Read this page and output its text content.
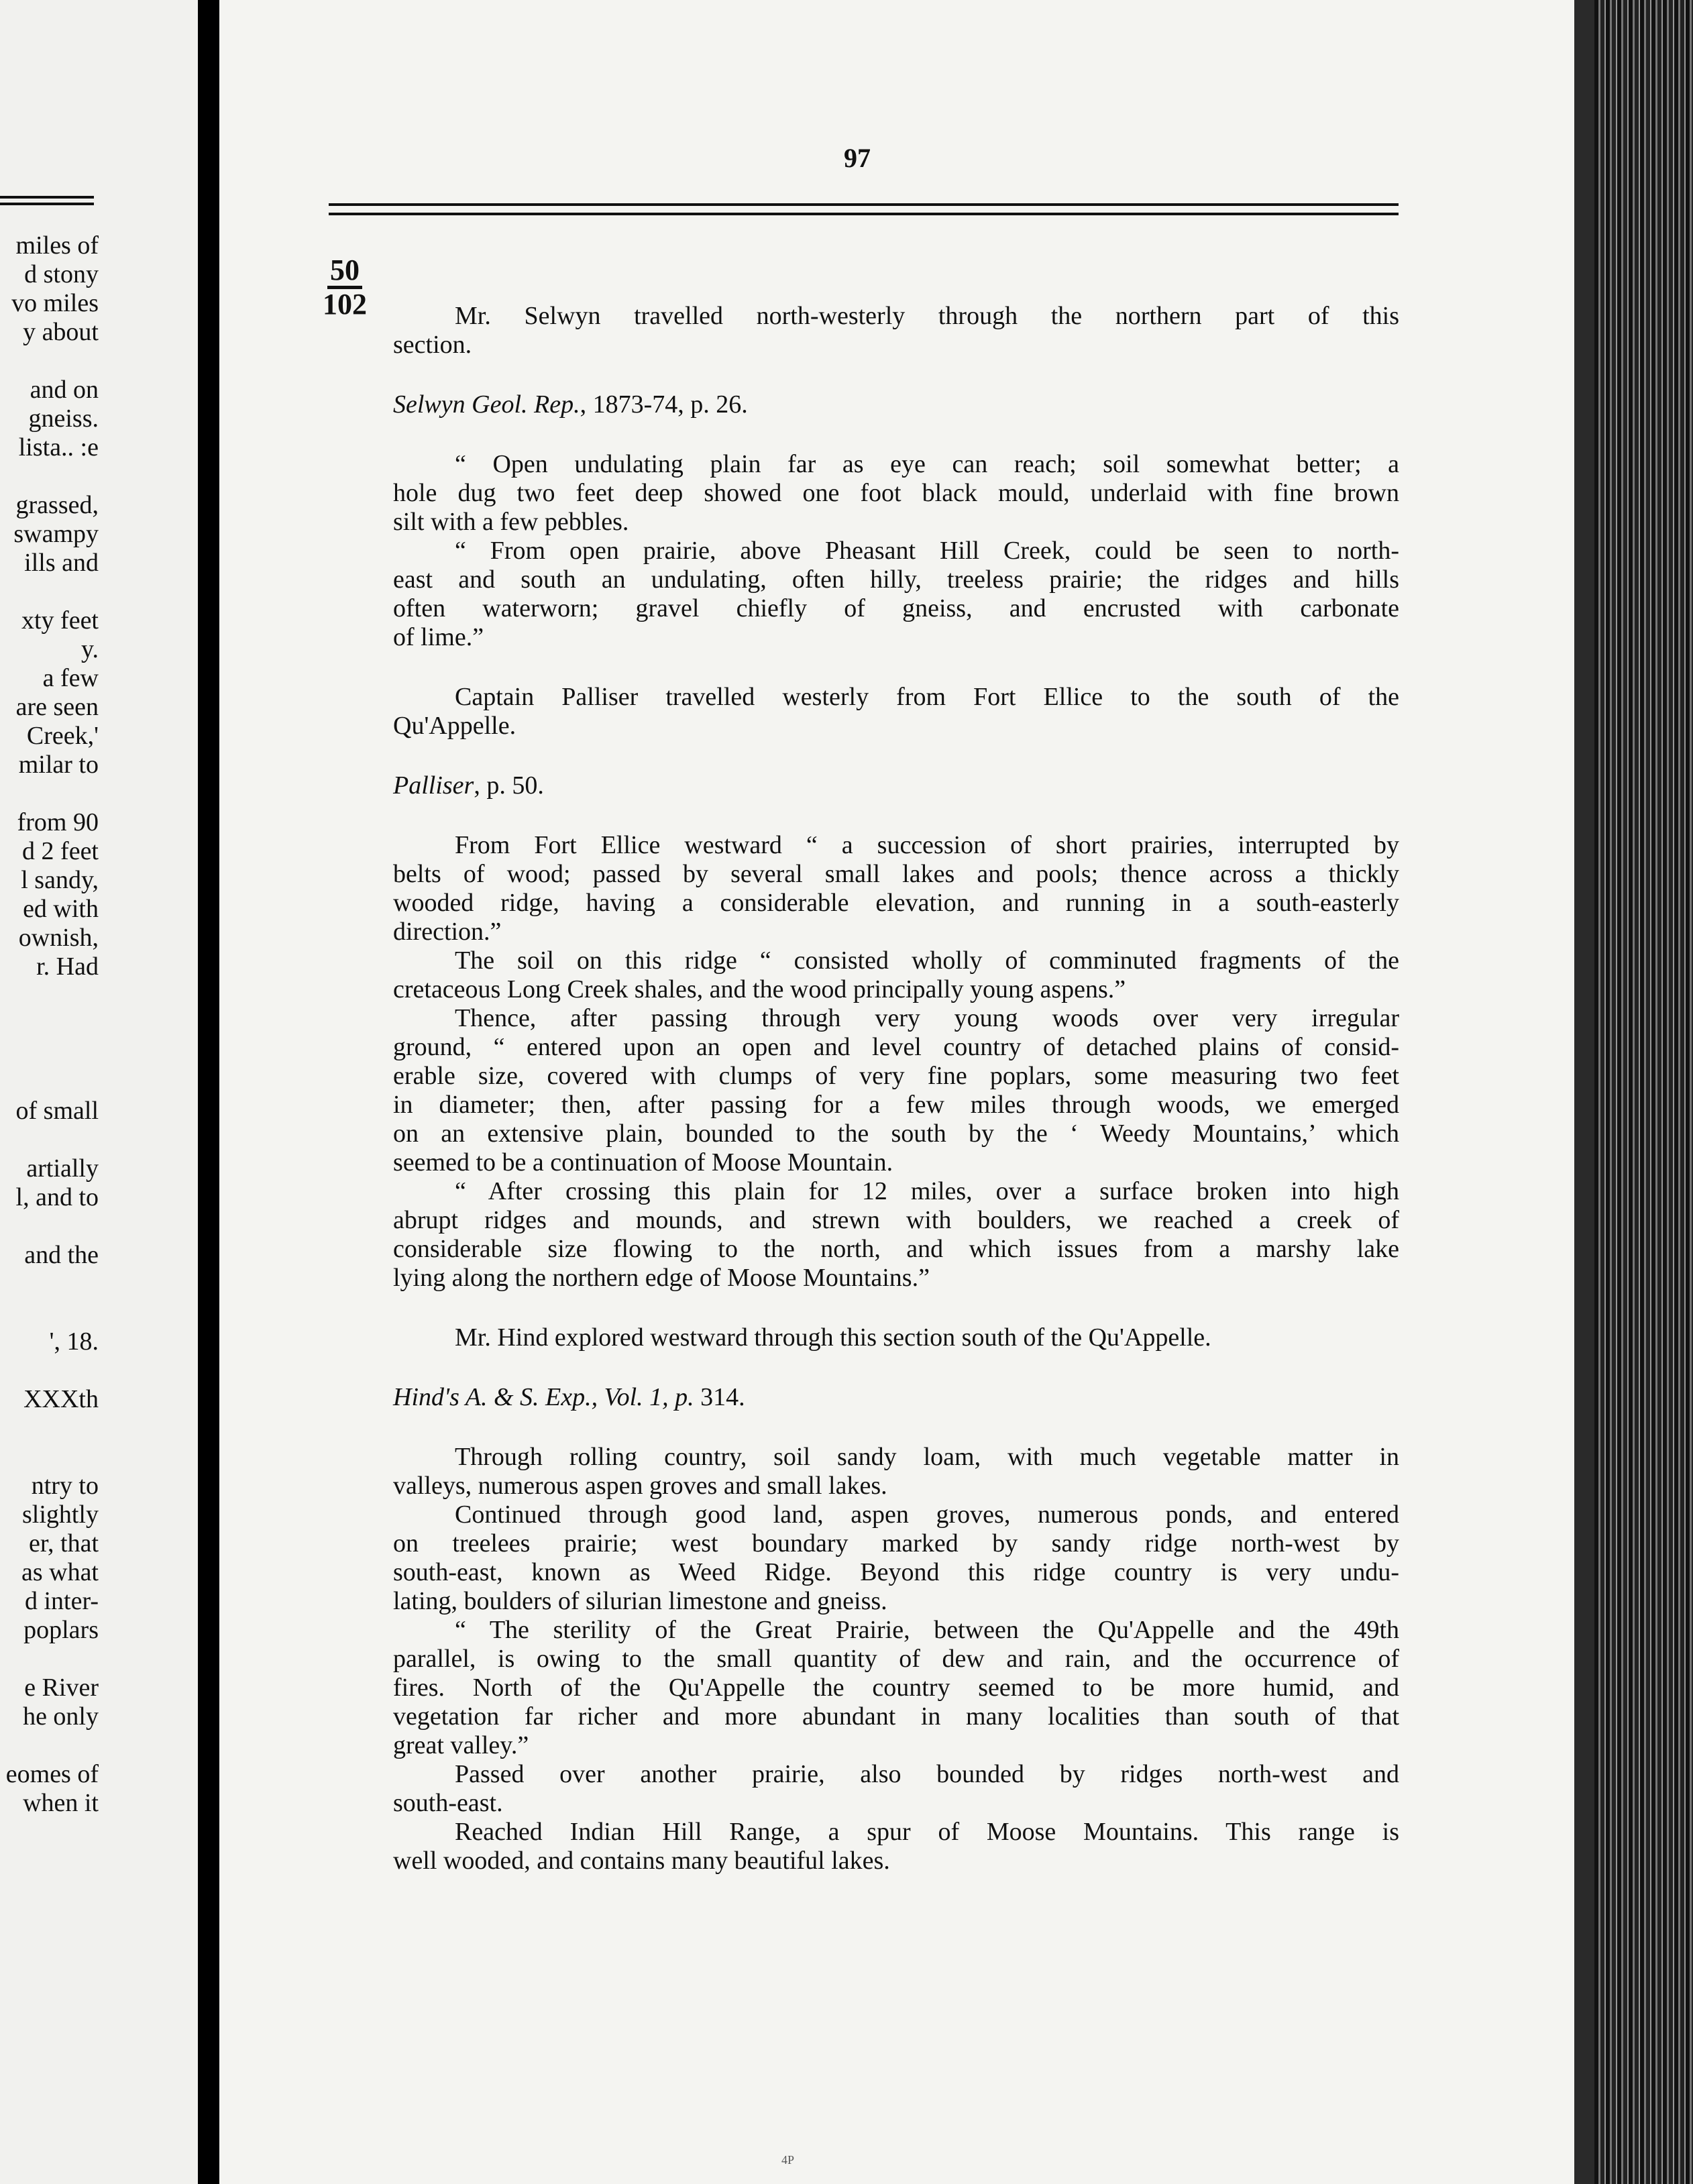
miles of
d stony
vo miles
y about
and on
gneiss.
lista.. :e
grassed,
swampy
ills and
xty feet
y.
a few
are seen
Creek,'
milar to
from 90
d 2 feet
l sandy,
ed with
ownish,
r. Had
of small
artially
l, and to
and the
', 18.
XXXth
ntry to
slightly
er, that
as what
d inter-
poplars
e River
he only
eomes of
when it
97
50
102	Mr. Selwyn travelled north-westerly through the northern part of this
section.
Selwyn Geol. Rep., 1873-74, p. 26.
“ Open undulating plain far as eye can reach; soil somewhat better; a
hole dug two feet deep showed one foot black mould, underlaid with fine brown
silt with a few pebbles.
“ From open prairie, above Pheasant Hill Creek, could be seen to north-
east and south an undulating, often hilly, treeless prairie; the ridges and hills
often waterworn; gravel chiefly of gneiss, and encrusted with carbonate
of lime.”
Captain Palliser travelled westerly from Fort Ellice to the south of the
Qu'Appelle.
Palliser, p. 50.
From Fort Ellice westward “ a succession of short prairies, interrupted by
belts of wood; passed by several small lakes and pools; thence across a thickly
wooded ridge, having a considerable elevation, and running in a south-easterly
direction.”
The soil on this ridge “ consisted wholly of comminuted fragments of the
cretaceous Long Creek shales, and the wood principally young aspens.”
Thence, after passing through very young woods over very irregular
ground, “ entered upon an open and level country of detached plains of consid-
erable size, covered with clumps of very fine poplars, some measuring two feet
in diameter; then, after passing for a few miles through woods, we emerged
on an extensive plain, bounded to the south by the ‘ Weedy Mountains,’ which
seemed to be a continuation of Moose Mountain.
“ After crossing this plain for 12 miles, over a surface broken into high
abrupt ridges and mounds, and strewn with boulders, we reached a creek of
considerable size flowing to the north, and which issues from a marshy lake
lying along the northern edge of Moose Mountains.”
Mr. Hind explored westward through this section south of the Qu'Appelle.
Hind's A. & S. Exp., Vol. 1, p. 314.
Through rolling country, soil sandy loam, with much vegetable matter in
valleys, numerous aspen groves and small lakes.
Continued through good land, aspen groves, numerous ponds, and entered
on treelees prairie; west boundary marked by sandy ridge north-west by
south-east, known as Weed Ridge. Beyond this ridge country is very undu-
lating, boulders of silurian limestone and gneiss.
“ The sterility of the Great Prairie, between the Qu'Appelle and the 49th
parallel, is owing to the small quantity of dew and rain, and the occurrence of
fires. North of the Qu'Appelle the country seemed to be more humid, and
vegetation far richer and more abundant in many localities than south of that
great valley.”
Passed over another prairie, also bounded by ridges north-west and
south-east.
Reached Indian Hill Range, a spur of Moose Mountains. This range is
well wooded, and contains many beautiful lakes.
4P
